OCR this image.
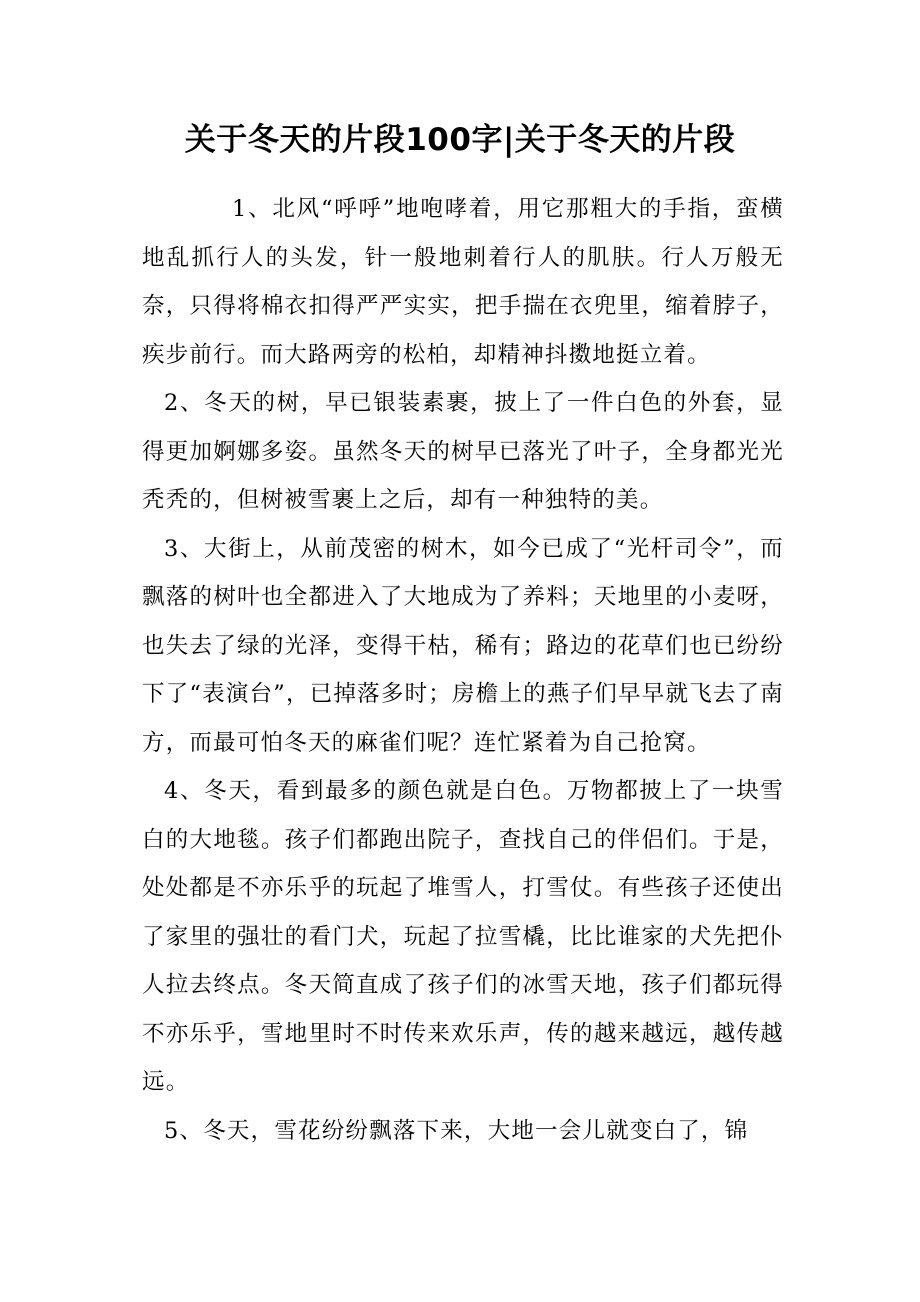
关于冬天的片段100字|关于冬天的片段

1、北风“呼呼”地咆哮着，用它那粗大的手指，蛮横地乱抓行人的头发，针一般地刺着行人的肌肤。行人万般无奈，只得将棉衣扣得严严实实，把手揣在衣兜里，缩着脖子，疾步前行。而大路两旁的松柏，却精神抖擞地挺立着。

2、冬天的树，早已银装素裹，披上了一件白色的外套，显得更加婀娜多姿。虽然冬天的树早已落光了叶子，全身都光光秃秃的，但树被雪裹上之后，却有一种独特的美。

3、大街上，从前茂密的树木，如今已成了“光杆司令”，而飘落的树叶也全都进入了大地成为了养料；天地里的小麦呀，也失去了绿的光泽，变得干枯，稀有；路边的花草们也已纷纷下了“表演台”，已掉落多时；房檐上的燕子们早早就飞去了南方，而最可怕冬天的麻雀们呢？连忙紧着为自己抢窝。

4、冬天，看到最多的颜色就是白色。万物都披上了一块雪白的大地毯。孩子们都跑出院子，查找自己的伴侣们。于是，处处都是不亦乐乎的玩起了堆雪人，打雪仗。有些孩子还使出了家里的强壮的看门犬，玩起了拉雪橇，比比谁家的犬先把仆人拉去终点。冬天简直成了孩子们的冰雪天地，孩子们都玩得不亦乐乎，雪地里时不时传来欢乐声，传的越来越远，越传越远。

5、冬天，雪花纷纷飘落下来，大地一会儿就变白了，锦
